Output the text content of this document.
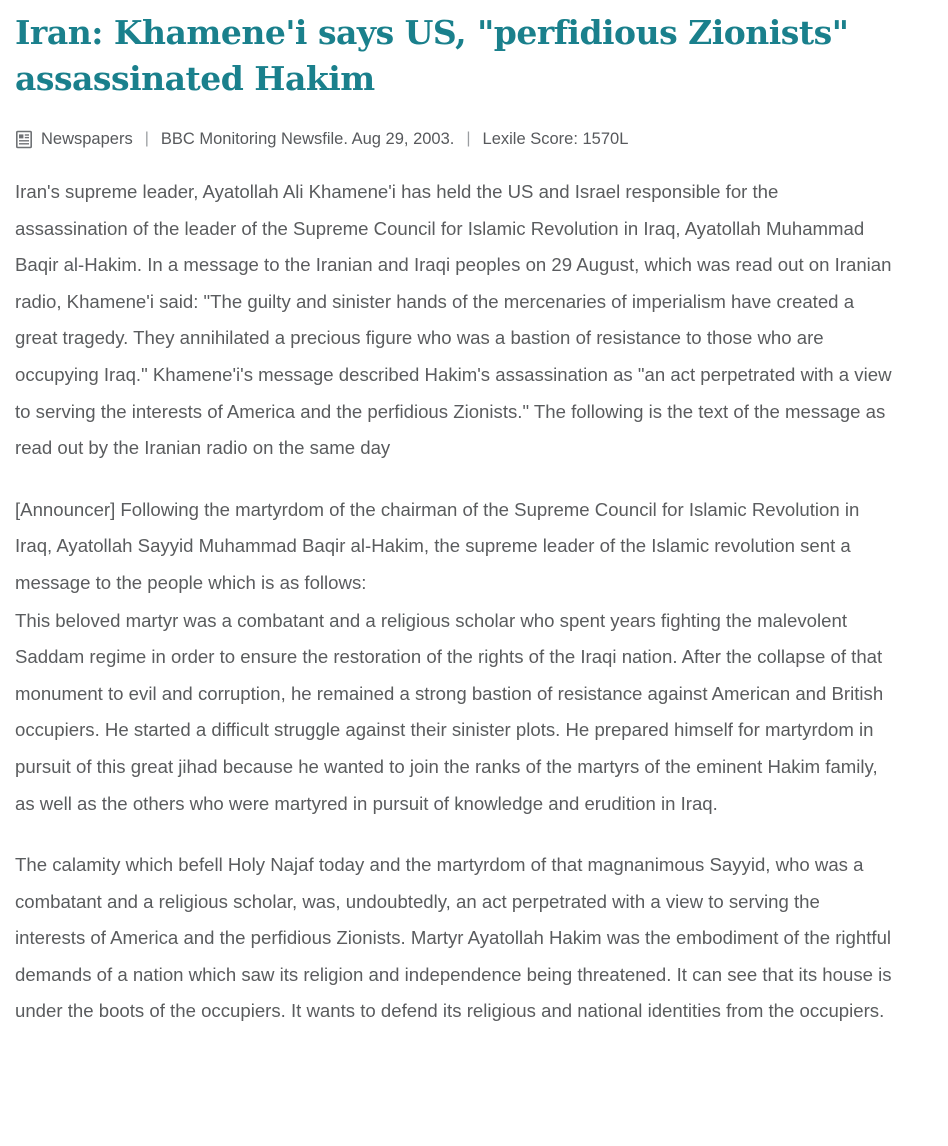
Iran: Khamene'i says US, "perfidious Zionists" assassinated Hakim
Newspapers | BBC Monitoring Newsfile. Aug 29, 2003. | Lexile Score: 1570L

Iran's supreme leader, Ayatollah Ali Khamene'i has held the US and Israel responsible for the assassination of the leader of the Supreme Council for Islamic Revolution in Iraq, Ayatollah Muhammad Baqir al-Hakim. In a message to the Iranian and Iraqi peoples on 29 August, which was read out on Iranian radio, Khamene'i said: "The guilty and sinister hands of the mercenaries of imperialism have created a great tragedy. They annihilated a precious figure who was a bastion of resistance to those who are occupying Iraq." Khamene'i's message described Hakim's assassination as "an act perpetrated with a view to serving the interests of America and the perfidious Zionists." The following is the text of the message as read out by the Iranian radio on the same day

[Announcer] Following the martyrdom of the chairman of the Supreme Council for Islamic Revolution in Iraq, Ayatollah Sayyid Muhammad Baqir al-Hakim, the supreme leader of the Islamic revolution sent a message to the people which is as follows:

This beloved martyr was a combatant and a religious scholar who spent years fighting the malevolent Saddam regime in order to ensure the restoration of the rights of the Iraqi nation. After the collapse of that monument to evil and corruption, he remained a strong bastion of resistance against American and British occupiers. He started a difficult struggle against their sinister plots. He prepared himself for martyrdom in pursuit of this great jihad because he wanted to join the ranks of the martyrs of the eminent Hakim family, as well as the others who were martyred in pursuit of knowledge and erudition in Iraq.

The calamity which befell Holy Najaf today and the martyrdom of that magnanimous Sayyid, who was a combatant and a religious scholar, was, undoubtedly, an act perpetrated with a view to serving the interests of America and the perfidious Zionists. Martyr Ayatollah Hakim was the embodiment of the rightful demands of a nation which saw its religion and independence being threatened. It can see that its house is under the boots of the occupiers. It wants to defend its religious and national identities from the occupiers.
